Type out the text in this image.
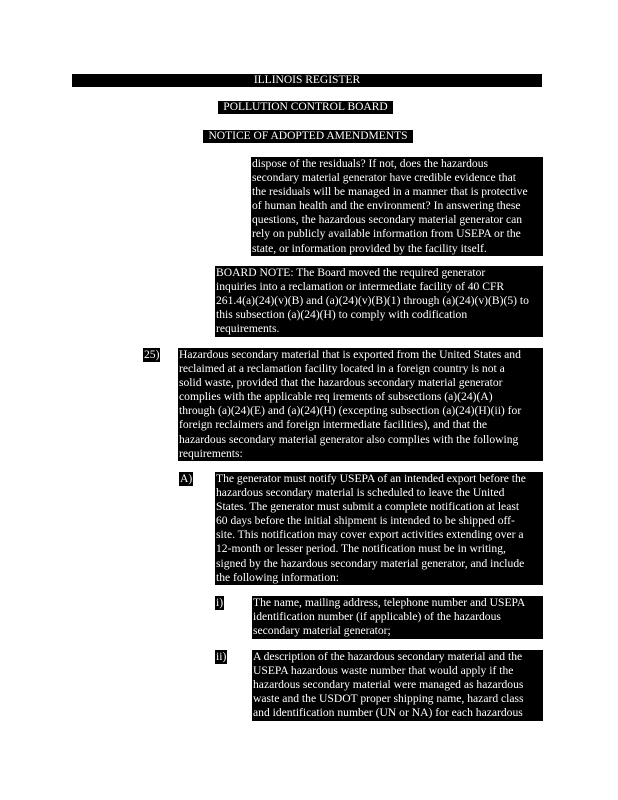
ILLINOIS REGISTER
POLLUTION CONTROL BOARD
NOTICE OF ADOPTED AMENDMENTS
dispose of the residuals? If not, does the hazardous
secondary material generator have credible evidence that
the residuals will be managed in a manner that is protective
of human health and the environment? In answering these
questions, the hazardous secondary material generator can
rely on publicly available information from USEPA or the
state, or information provided by the facility itself.
BOARD NOTE: The Board moved the required generator
inquiries into a reclamation or intermediate facility of 40 CFR
261.4(a)(24)(v)(B) and (a)(24)(v)(B)(1) through (a)(24)(v)(B)(5) to
this subsection (a)(24)(H) to comply with codification
requirements.
25) Hazardous secondary material that is exported from the United States and
reclaimed at a reclamation facility located in a foreign country is not a
solid waste, provided that the hazardous secondary material generator
complies with the applicable req irements of subsections (a)(24)(A)
through (a)(24)(E) and (a)(24)(H) (excepting subsection (a)(24)(H)(ii) for
foreign reclaimers and foreign intermediate facilities), and that the
hazardous secondary material generator also complies with the following
requirements:
A) The generator must notify USEPA of an intended export before the
hazardous secondary material is scheduled to leave the United
States. The generator must submit a complete notification at least
60 days before the initial shipment is intended to be shipped off-
site. This notification may cover export activities extending over a
12-month or lesser period. The notification must be in writing,
signed by the hazardous secondary material generator, and include
the following information:
i)	The name, mailing address, telephone number and USEPA
identification number (if applicable) of the hazardous
secondary material generator;
ii) A description of the hazardous secondary material and the
USEPA hazardous waste number that would apply if the
hazardous secondary material were managed as hazardous
waste and the USDOT proper shipping name, hazard class
and identification number (UN or NA) for each hazardous
